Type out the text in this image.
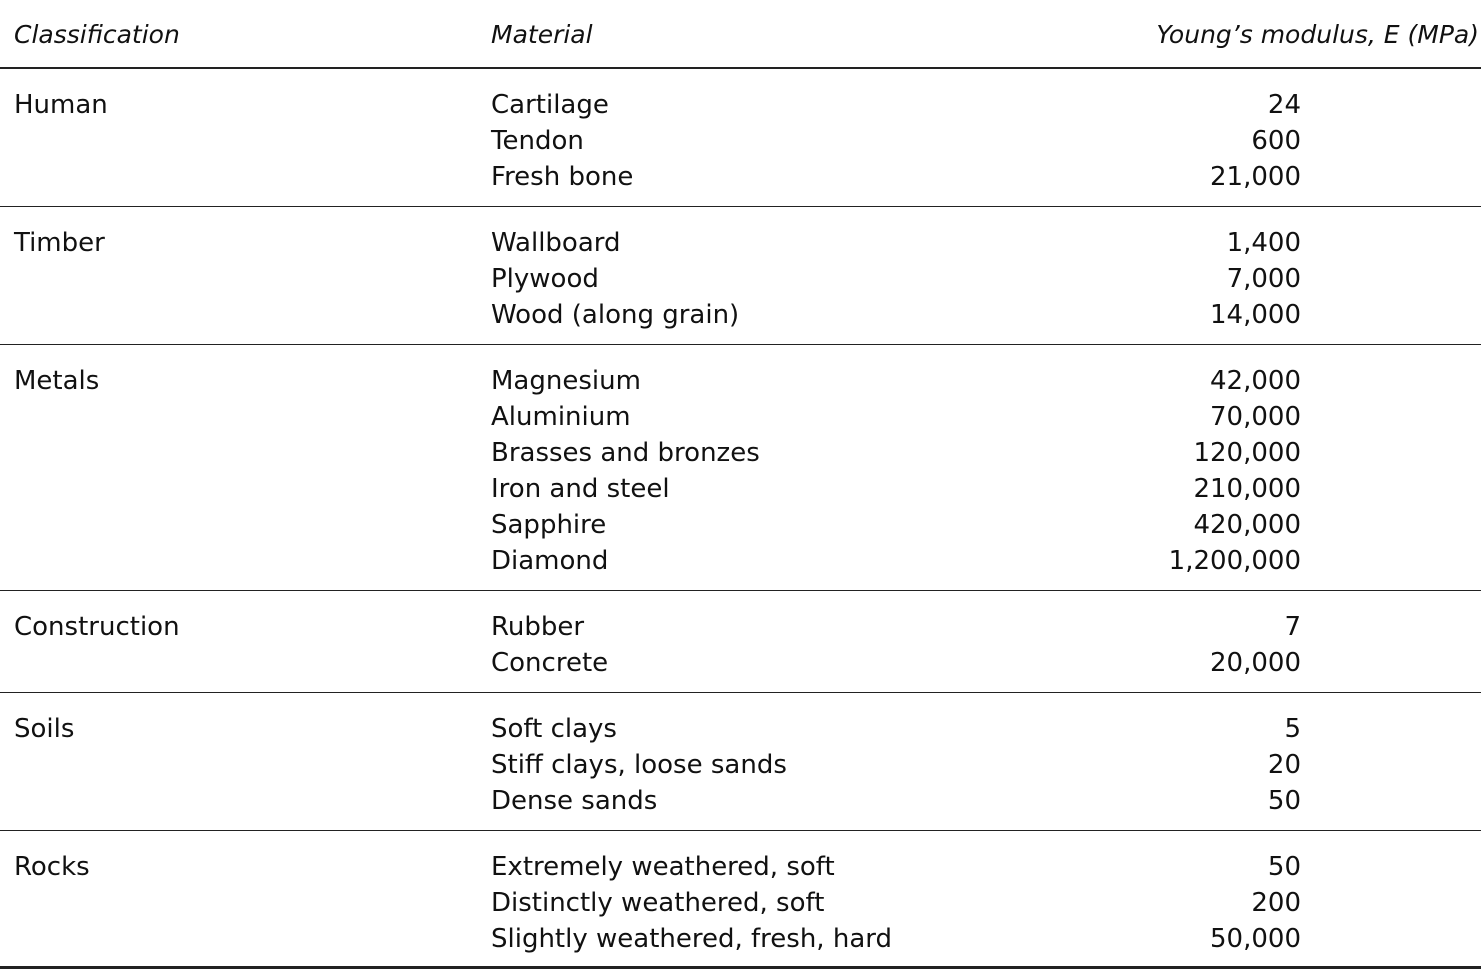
Classification	Material	Young’s modulus, E (MPa)
Human	Cartilage	24
Tendon	600
Fresh bone	21,000
Timber	Wallboard	1,400
Plywood	7,000
Wood (along grain)	14,000
Metals	Magnesium	42,000
Aluminium	70,000
Brasses and bronzes	120,000
Iron and steel	210,000
Sapphire	420,000
Diamond	1,200,000
Construction	Rubber	7
Concrete	20,000
Soils	Soft clays	5
Stiff clays, loose sands	20
Dense sands	50
Rocks	Extremely weathered, soft	50
Distinctly weathered, soft	200
Slightly weathered, fresh, hard	50,000
